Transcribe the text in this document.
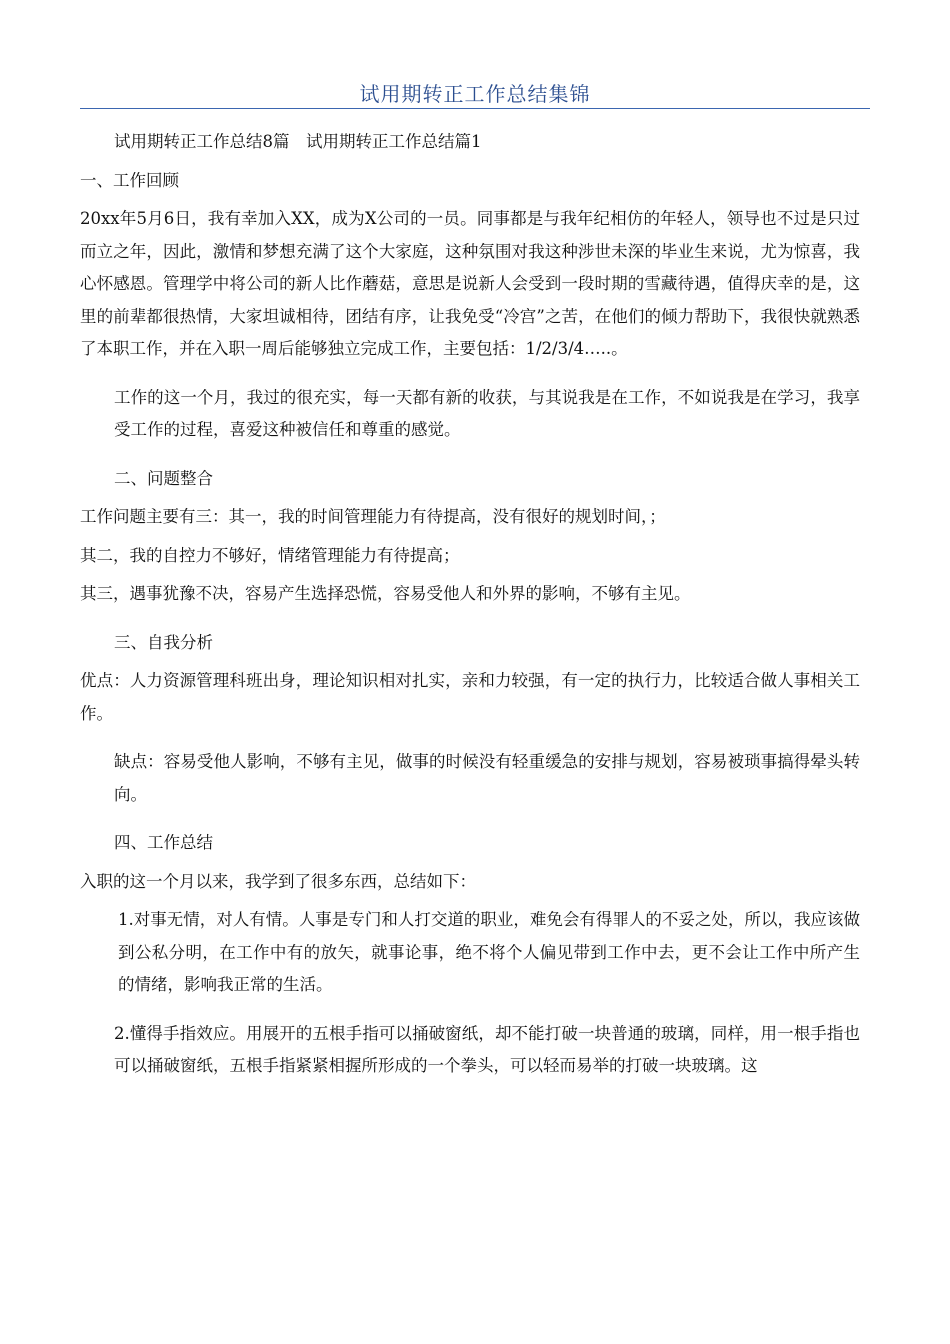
试用期转正工作总结集锦

试用期转正工作总结8篇　试用期转正工作总结篇1

一、工作回顾

20xx年5月6日，我有幸加入XX，成为X公司的一员。同事都是与我年纪相仿的年轻人，领导也不过是只过而立之年，因此，激情和梦想充满了这个大家庭，这种氛围对我这种涉世未深的毕业生来说，尤为惊喜，我心怀感恩。管理学中将公司的新人比作蘑菇，意思是说新人会受到一段时期的雪藏待遇，值得庆幸的是，这里的前辈都很热情，大家坦诚相待，团结有序，让我免受“冷宫”之苦，在他们的倾力帮助下，我很快就熟悉了本职工作，并在入职一周后能够独立完成工作，主要包括：1/2/3/4…..。

工作的这一个月，我过的很充实，每一天都有新的收获，与其说我是在工作，不如说我是在学习，我享受工作的过程，喜爱这种被信任和尊重的感觉。

二、问题整合

工作问题主要有三：其一，我的时间管理能力有待提高，没有很好的规划时间，；

其二，我的自控力不够好，情绪管理能力有待提高；

其三，遇事犹豫不决，容易产生选择恐慌，容易受他人和外界的影响，不够有主见。

三、自我分析

优点：人力资源管理科班出身，理论知识相对扎实，亲和力较强，有一定的执行力，比较适合做人事相关工作。

缺点：容易受他人影响，不够有主见，做事的时候没有轻重缓急的安排与规划，容易被琐事搞得晕头转向。

四、工作总结

入职的这一个月以来，我学到了很多东西，总结如下：

1.对事无情，对人有情。人事是专门和人打交道的职业，难免会有得罪人的不妥之处，所以，我应该做到公私分明，在工作中有的放矢，就事论事，绝不将个人偏见带到工作中去，更不会让工作中所产生的情绪，影响我正常的生活。

2.懂得手指效应。用展开的五根手指可以捅破窗纸，却不能打破一块普通的玻璃，同样，用一根手指也可以捅破窗纸，五根手指紧紧相握所形成的一个拳头，可以轻而易举的打破一块玻璃。这
